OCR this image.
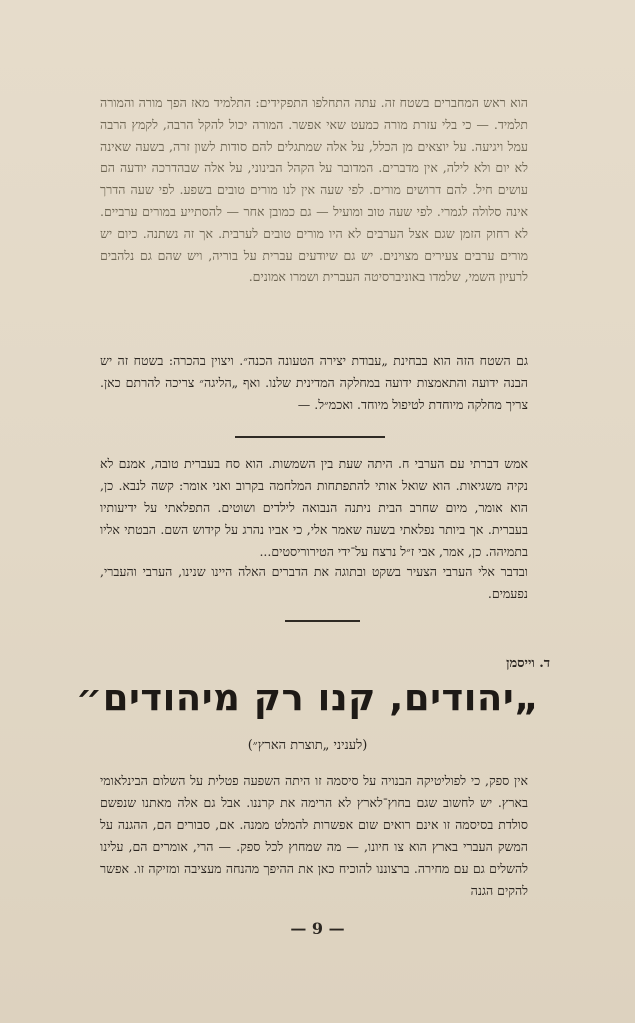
הוא ראש המחברים בשטח זה. עתה התחלפו התפקידים: התלמיד מאז הפך מורה והמורה תלמיד. — כי בלי עזרת מורה כמעט שאי אפשר. המורה יכול להקל הרבה, לקמץ הרבה עמל ויגיעה. על יוצאים מן הכלל, על אלה שמתגלים להם סודות לשון זרה, בשעה שאינה לא יום ולא לילה, אין מדברים. המדובר על הקהל הבינוני, על אלה שבהדרכה יודעה הם עושים חיל. להם דרושים מורים. לפי שעה אין לנו מורים טובים בשפע. לפי שעה הדרך אינה סלולה לגמרי. לפי שעה טוב ומועיל — גם כמובן אחר — להסתייע במורים ערביים. לא רחוק הזמן שגם אצל הערבים לא היו מורים טובים לערבית. אך זה נשתנה. כיום יש מורים ערבים צעירים מצוינים. יש גם שיודעים עברית על בוריה, ויש שהם גם נלהבים לרעיון השמי, שלמדו באוניברסיטה העברית ושמרו אמונים.

גם השטח הזה הוא בבחינת „עבודת יצירה הטעונה הכנה״. ויצוין בהכרה: בשטח זה יש הבנה ידועה והתאמצות ידועה במחלקה המדינית שלנו. ואף „הליגה״ צריכה להרתם כאן. צריך מחלקה מיוחדת לטיפול מיוחד. ואכמ״ל. —

אמש דברתי עם הערבי ח. היתה שעת בין השמשות. הוא סח בעברית טובה, אמנם לא נקיה משגיאות. הוא שואל אותי להתפתחות המלחמה בקרוב ואני אומר: קשה לנבא. כן, הוא אומר, מיום שחרב הבית ניתנה הנבואה לילדים ושוטים. התפלאתי על ידיעותיו בעברית. אך ביותר נפלאתי בשעה שאמר אלי, כי אביו נהרג על קידוש השם. הבטתי אליו בתמיהה. כן, אמר, אבי ז״ל נרצח על־ידי הטירוריסטים...

ובדבר אלי הערבי הצעיר בשקט ובתוגה את הדברים האלה היינו שנינו, הערבי והעברי, נפעמים.

ד. וייסמן
„יהודים, קנו רק מיהודים״
(לעניני „תוצרת הארץ״)

אין ספק, כי לפוליטיקה הבנויה על סיסמה זו היתה השפעה פטלית על השלום הבינלאומי בארץ. יש לחשוב שגם בחוץ־לארץ לא הרימה את קרננו. אבל גם אלה מאתנו שנפשם סולדת בסיסמה זו אינם רואים שום אפשרות להמלט ממנה. אם, סבורים הם, ההגנה על המשק העברי בארץ הוא צו חיונו, — מה שמחוץ לכל ספק. — הרי, אומרים הם, עלינו להשלים גם עם מחירה. ברצוננו להוכיח כאן את ההיפך מהנחה מעציבה ומזיקה זו. אפשר להקים הגנה

— 9 —
